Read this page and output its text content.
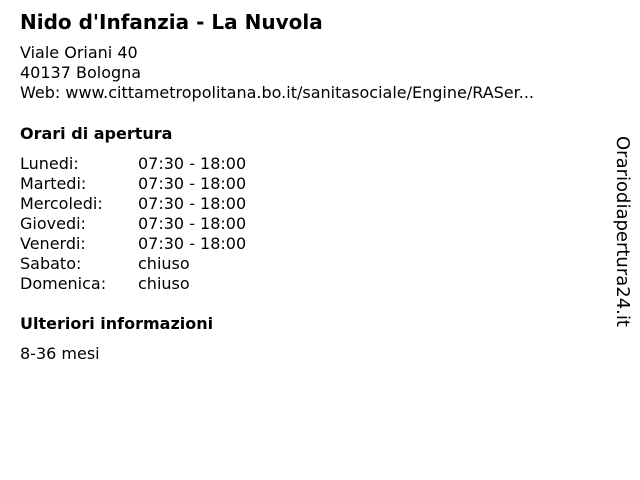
Nido d'Infanzia - La Nuvola
Viale Oriani 40
40137 Bologna
Web: www.cittametropolitana.bo.it/sanitasociale/Engine/RASer...
Orari di apertura
Lunedi:	07:30 - 18:00
Martedi:	07:30 - 18:00
Mercoledi: 07:30 - 18:00
Giovedi:	07:30 - 18:00
Venerdi:	07:30 - 18:00
Sabato:	chiuso
Domenica: chiuso
Ulteriori informazioni
8-36 mesi
Orariodiapertura24.it
